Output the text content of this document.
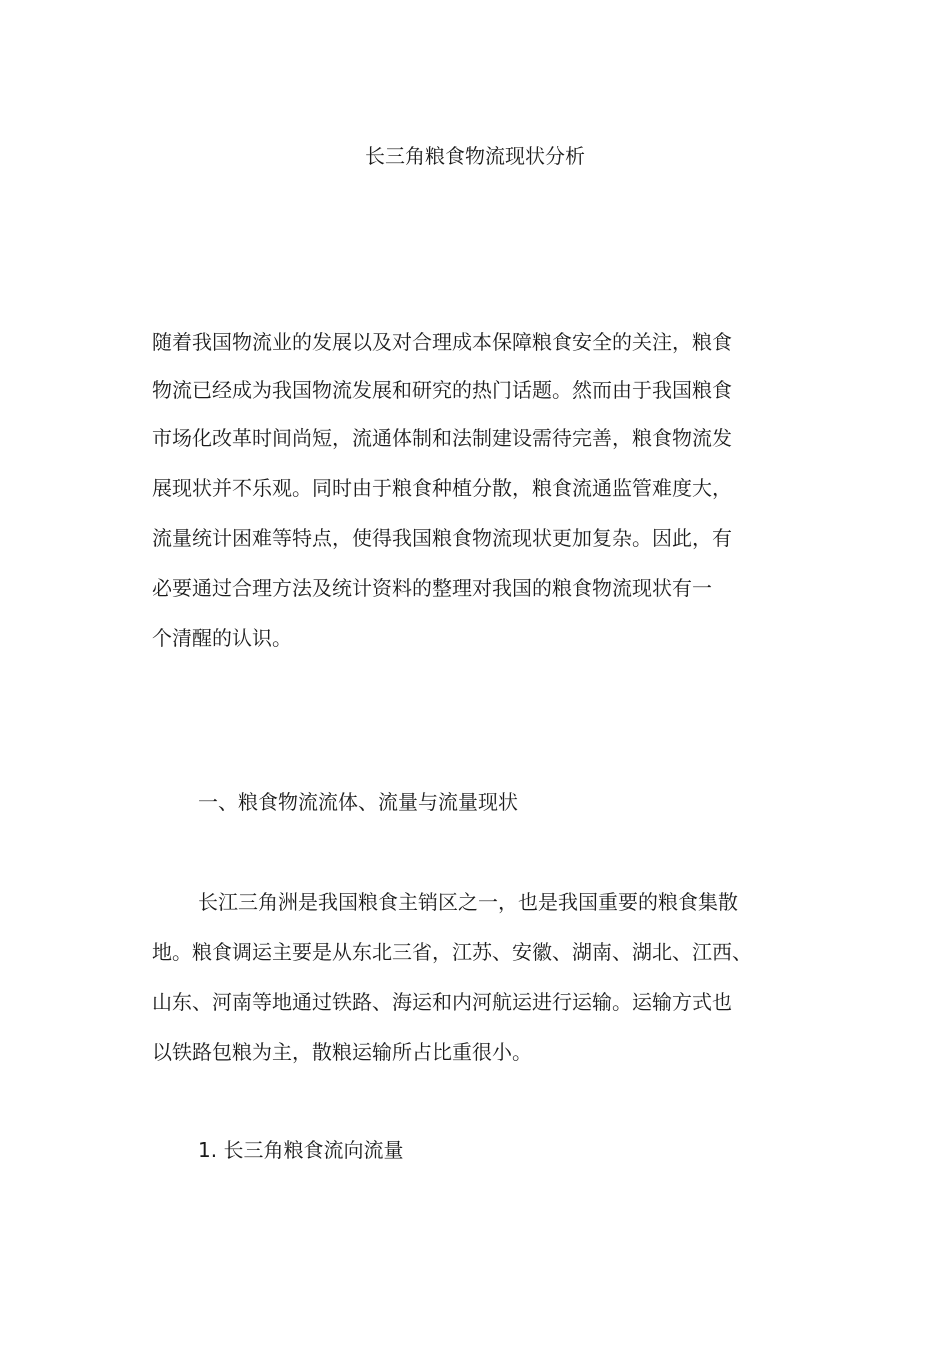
长三角粮食物流现状分析
随着我国物流业的发展以及对合理成本保障粮食安全的关注，粮食
物流已经成为我国物流发展和研究的热门话题。然而由于我国粮食
市场化改革时间尚短，流通体制和法制建设需待完善，粮食物流发
展现状并不乐观。同时由于粮食种植分散，粮食流通监管难度大，
流量统计困难等特点，使得我国粮食物流现状更加复杂。因此，有
必要通过合理方法及统计资料的整理对我国的粮食物流现状有一
个清醒的认识。
一、粮食物流流体、流量与流量现状
长江三角洲是我国粮食主销区之一，也是我国重要的粮食集散
地。粮食调运主要是从东北三省，江苏、安徽、湖南、湖北、江西、
山东、河南等地通过铁路、海运和内河航运进行运输。运输方式也
以铁路包粮为主，散粮运输所占比重很小。
1. 长三角粮食流向流量
